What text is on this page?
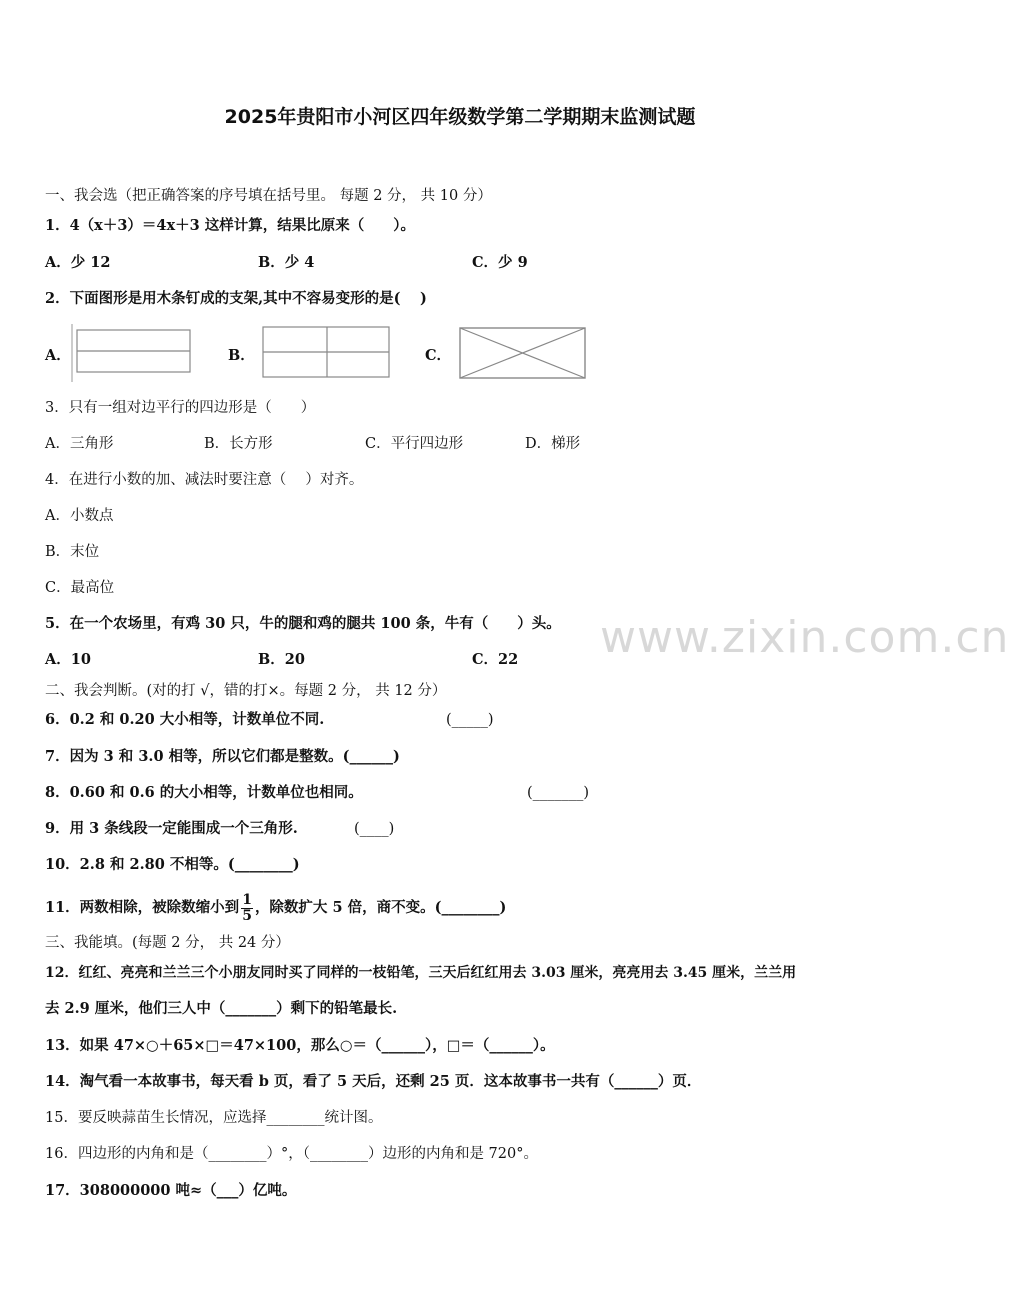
2025年贵阳市小河区四年级数学第二学期期末监测试题
www.zixin.com.cn
一、我会选（把正确答案的序号填在括号里。 每题 2 分， 共 10 分）
1．4（x＋3）＝4x＋3 这样计算，结果比原来（　　）。
A．少 12	B．少 4	C．少 9
2．下面图形是用木条钉成的支架,其中不容易变形的是(　 )
A．	B．	C．
3．只有一组对边平行的四边形是（　　）
A．三角形	B．长方形	C．平行四边形	D．梯形
4．在进行小数的加、减法时要注意（　 ）对齐。
A．小数点
B．末位
C．最高位
5．在一个农场里，有鸡 30 只，牛的腿和鸡的腿共 100 条，牛有（　　）头。
A．10	B．20	C．22
二、我会判断。(对的打 √，错的打×。每题 2 分， 共 12 分）
6．0.2 和 0.20 大小相等，计数单位不同.	(_____)
7．因为 3 和 3.0 相等，所以它们都是整数。(______)
8．0.60 和 0.6 的大小相等，计数单位也相同。	(_______)
9．用 3 条线段一定能围成一个三角形.	(____)
10．2.8 和 2.80 不相等。(________)
11．两数相除，被除数缩小到 $\frac{1}{5}$ ，除数扩大 5 倍，商不变。(________)
三、我能填。(每题 2 分， 共 24 分）
12．红红、亮亮和兰兰三个小朋友同时买了同样的一枝铅笔，三天后红红用去 3.03 厘米，亮亮用去 3.45 厘米，兰兰用
去 2.9 厘米，他们三人中（_______）剩下的铅笔最长.
13．如果 47×○＋65×□＝47×100，那么○＝（______），□＝（______）。
14．淘气看一本故事书，每天看 b 页，看了 5 天后，还剩 25 页．这本故事书一共有（______）页．
15．要反映蒜苗生长情况，应选择________统计图。
16．四边形的内角和是（________）°，（________）边形的内角和是 720°。
17．308000000 吨≈（___）亿吨。
